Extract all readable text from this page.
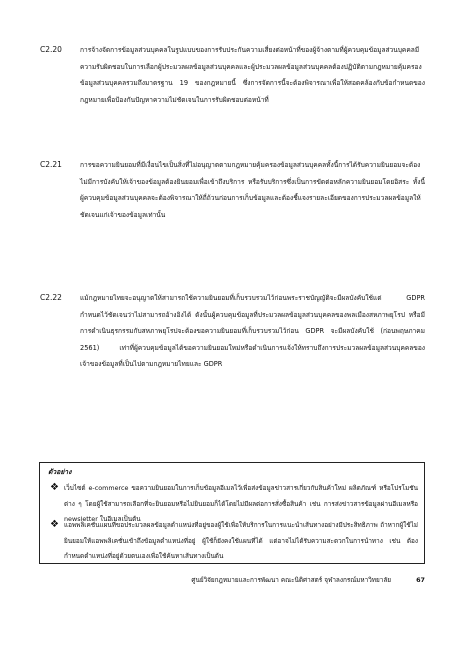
C2.20	การจ้างจัดการข้อมูลส่วนบุคคลในรูปแบบของการรับประกันความเสี่ยงต่อหน้าที่ของผู้จ้างตามที่ผู้ควบคุมข้อมูลส่วนบุคคลมีความรับผิดชอบในการเลือกผู้ประมวลผลข้อมูลส่วนบุคคลและผู้ประมวลผลข้อมูลส่วนบุคคลต้องปฏิบัติตามกฎหมายคุ้มครองข้อมูลส่วนบุคคลรวมถึงมาตรฐาน 19 ของกฎหมายนี้ ซึ่งการจัดการนี้จะต้องพิจารณาเพื่อให้สอดคล้องกับข้อกำหนดของกฎหมายเพื่อป้องกันปัญหาความไม่ชัดเจนในการรับผิดชอบต่อหน้าที่

C2.21	การขอความยินยอมที่มีเงื่อนไขเป็นสิ่งที่ไม่อนุญาตตามกฎหมายคุ้มครองข้อมูลส่วนบุคคลทั้งนี้การได้รับความยินยอมจะต้องไม่มีการบังคับให้เจ้าของข้อมูลต้องยินยอมเพื่อเข้าถึงบริการ หรือรับบริการซึ่งเป็นการขัดต่อหลักความยินยอมโดยอิสระ ทั้งนี้ผู้ควบคุมข้อมูลส่วนบุคคลจะต้องพิจารณาให้ถี่ถ้วนก่อนการเก็บข้อมูลและต้องชี้แจงรายละเอียดของการประมวลผลข้อมูลให้ชัดเจนแก่เจ้าของข้อมูลเท่านั้น

C2.22	แม้กฎหมายไทยจะอนุญาตให้สามารถใช้ความยินยอมที่เก็บรวบรวมไว้ก่อนพระราชบัญญัติจะมีผลบังคับใช้แต่ GDPR กำหนดไว้ชัดเจนว่าไม่สามารถอ้างอิงได้ ดังนั้นผู้ควบคุมข้อมูลที่ประมวลผลข้อมูลส่วนบุคคลของพลเมืองสหภาพยุโรป หรือมีการดำเนินธุรกรรมกับสหภาพยุโรปจะต้องขอความยินยอมที่เก็บรวบรวมไว้ก่อน GDPR จะมีผลบังคับใช้ (ก่อนพฤษภาคม 2561) เท่าที่ผู้ควบคุมข้อมูลได้ขอความยินยอมใหม่หรือดำเนินการแจ้งให้ทราบถึงการประมวลผลข้อมูลส่วนบุคคลของเจ้าของข้อมูลที่เป็นไปตามกฎหมายไทยและ GDPR

ตัวอย่าง
❖ เว็บไซต์ e-commerce ขอความยินยอมในการเก็บข้อมูลอีเมลไว้เพื่อส่งข้อมูลข่าวสารเกี่ยวกับสินค้าใหม่ ผลิตภัณฑ์ หรือโปรโมชันต่าง ๆ โดยผู้ใช้สามารถเลือกที่จะยินยอมหรือไม่ยินยอมก็ได้โดยไม่มีผลต่อการสั่งซื้อสินค้า เช่น การส่งข่าวสารข้อมูลผ่านอีเมลหรือ newsletter ในอีเมลเป็นต้น

❖ แอพพลิเคชั่นแผนที่ขอประมวลผลข้อมูลตำแหน่งที่อยู่ของผู้ใช้เพื่อให้บริการในการแนะนำเส้นทางอย่างมีประสิทธิภาพ ถ้าหากผู้ใช้ไม่ยินยอมให้แอพพลิเคชั่นเข้าถึงข้อมูลตำแหน่งที่อยู่ ผู้ใช้ก็ยังคงใช้แผนที่ได้ แต่อาจไม่ได้รับความสะดวกในการนำทาง เช่น ต้องกำหนดตำแหน่งที่อยู่ด้วยตนเองเพื่อใช้ค้นหาเส้นทางเป็นต้น

ศูนย์วิจัยกฎหมายและการพัฒนา คณะนิติศาสตร์ จุฬาลงกรณ์มหาวิทยาลัย	67
